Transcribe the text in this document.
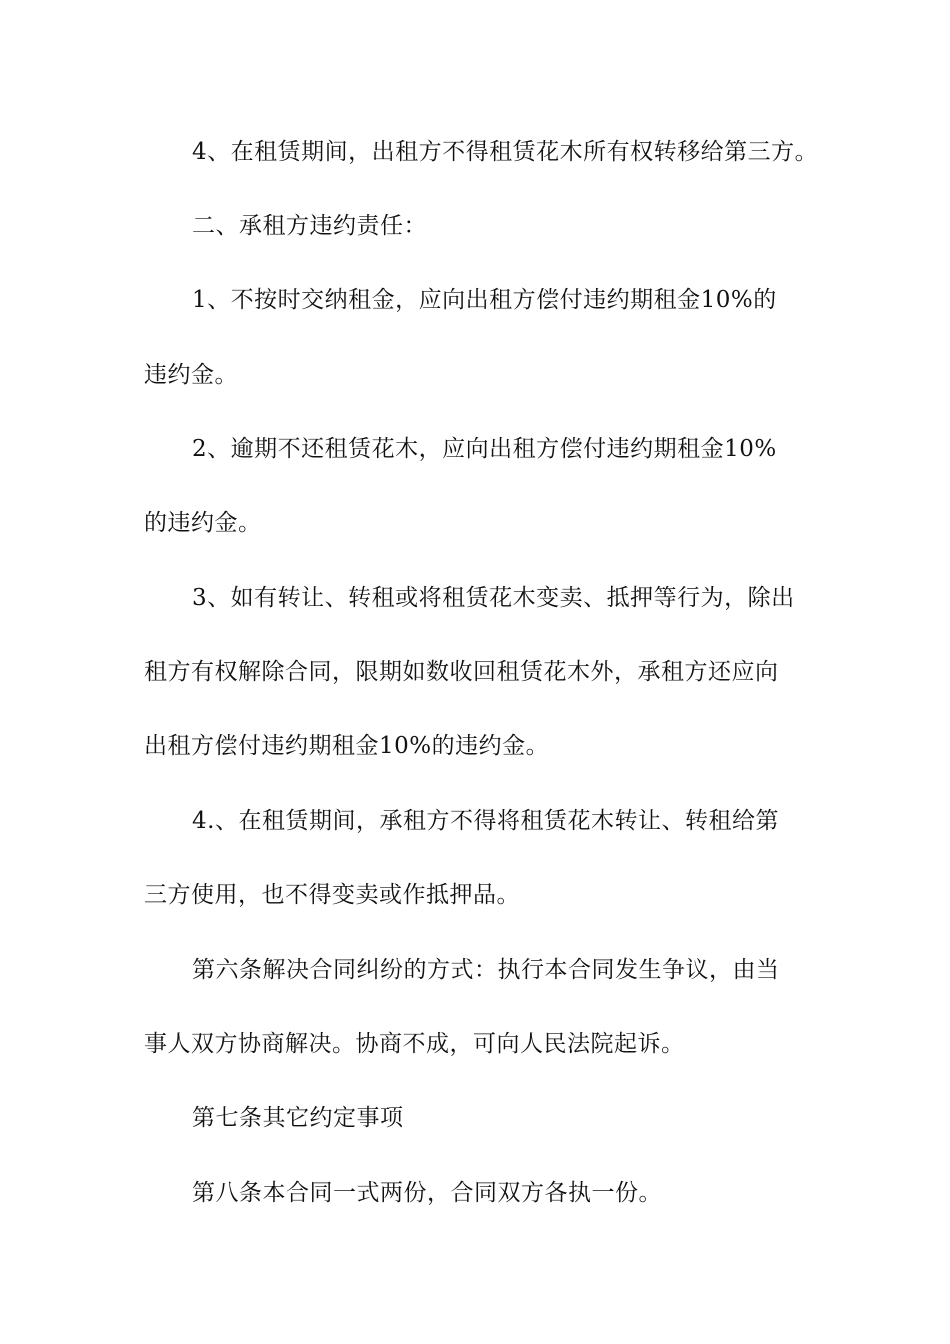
4、在租赁期间，出租方不得租赁花木所有权转移给第三方。
二、承租方违约责任：
1、不按时交纳租金，应向出租方偿付违约期租金10%的
违约金。
2、逾期不还租赁花木，应向出租方偿付违约期租金10%
的违约金。
3、如有转让、转租或将租赁花木变卖、抵押等行为，除出
租方有权解除合同，限期如数收回租赁花木外，承租方还应向
出租方偿付违约期租金10%的违约金。
4.、在租赁期间，承租方不得将租赁花木转让、转租给第
三方使用，也不得变卖或作抵押品。
第六条解决合同纠纷的方式：执行本合同发生争议，由当
事人双方协商解决。协商不成，可向人民法院起诉。
第七条其它约定事项
第八条本合同一式两份，合同双方各执一份。
